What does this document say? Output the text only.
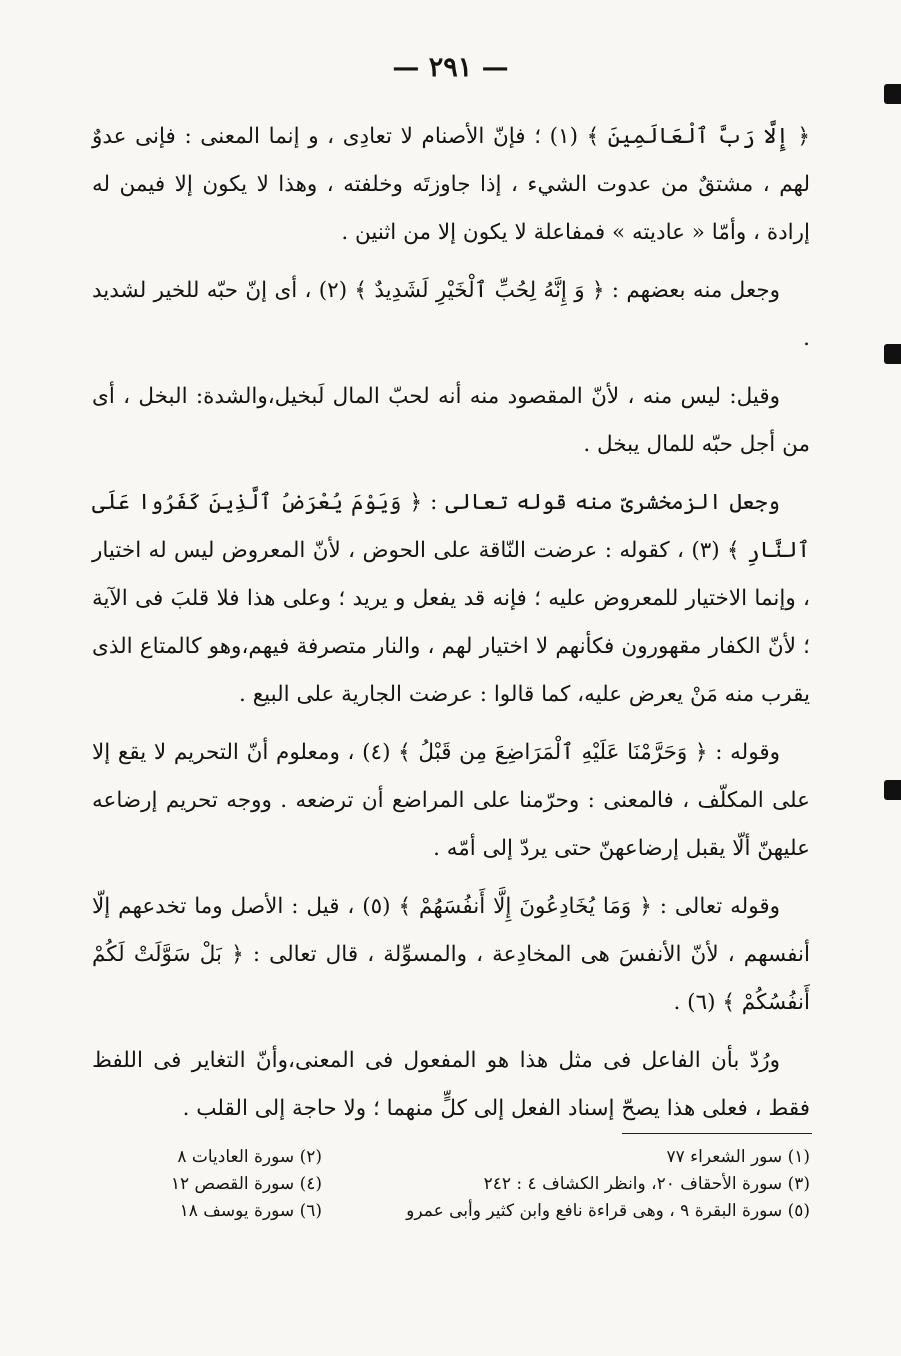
— ٢٩١ —

﴿ إِلَّا رَبَّ ٱلْعَالَمِينَ ﴾ (١) ؛ فإنّ الأصنام لا تعادِى ، و إنما المعنى : فإنى عدوٌ لهم ، مشتقٌ من عدوت الشيء ، إذا جاوزتَه وخلفته ، وهذا لا يكون إلا فيمن له إرادة ، وأمّا « عاديته » فمفاعلة لا يكون إلا من اثنين .

وجعل منه بعضهم : ﴿ وَ إِنَّهُ لِحُبِّ ٱلْخَيْرِ لَشَدِيدٌ ﴾ (٢) ، أى إنّ حبّه للخير لشديد .

وقيل: ليس منه ، لأنّ المقصود منه أنه لحبّ المال لَبخيل،والشدة: البخل ، أى من أجل حبّه للمال يبخل .

وجعل الزمخشرىّ منه قوله تعالى : ﴿ وَيَوْمَ يُعْرَضُ ٱلَّذِينَ كَفَرُوا عَلَى ٱلنَّارِ ﴾ (٣) ، كقوله : عرضت النّاقة على الحوض ، لأنّ المعروض ليس له اختيار ، وإنما الاختيار للمعروض عليه ؛ فإنه قد يفعل و يريد ؛ وعلى هذا فلا قلبَ فى الآية ؛ لأنّ الكفار مقهورون فكأنهم لا اختيار لهم ، والنار متصرفة فيهم،وهو كالمتاع الذى يقرب منه مَنْ يعرض عليه، كما قالوا : عرضت الجارية على البيع .

وقوله : ﴿ وَحَرَّمْنَا عَلَيْهِ ٱلْمَرَاضِعَ مِن قَبْلُ ﴾ (٤) ، ومعلوم أنّ التحريم لا يقع إلا على المكلّف ، فالمعنى : وحرّمنا على المراضع أن ترضعه . ووجه تحريم إرضاعه عليهنّ ألّا يقبل إرضاعهنّ حتى يردّ إلى أمّه .

وقوله تعالى : ﴿ وَمَا يُخَادِعُونَ إِلَّا أَنفُسَهُمْ ﴾ (٥) ، قيل : الأصل وما تخدعهم إلّا أنفسهم ، لأنّ الأنفسَ هى المخادِعة ، والمسوِّلة ، قال تعالى : ﴿ بَلْ سَوَّلَتْ لَكُمْ أَنفُسُكُمْ ﴾ (٦) .

ورُدّ بأن الفاعل فى مثل هذا هو المفعول فى المعنى،وأنّ التغاير فى اللفظ فقط ، فعلى هذا يصحّ إسناد الفعل إلى كلٍّ منهما ؛ ولا حاجة إلى القلب .

(١) سور الشعراء ٧٧
(٢) سورة العاديات ٨
(٣) سورة الأحقاف ٢٠، وانظر الكشاف ٤ : ٢٤٢
(٤) سورة القصص ١٢
(٥) سورة البقرة ٩ ، وهى قراءة نافع وابن كثير وأبى عمرو
(٦) سورة يوسف ١٨
